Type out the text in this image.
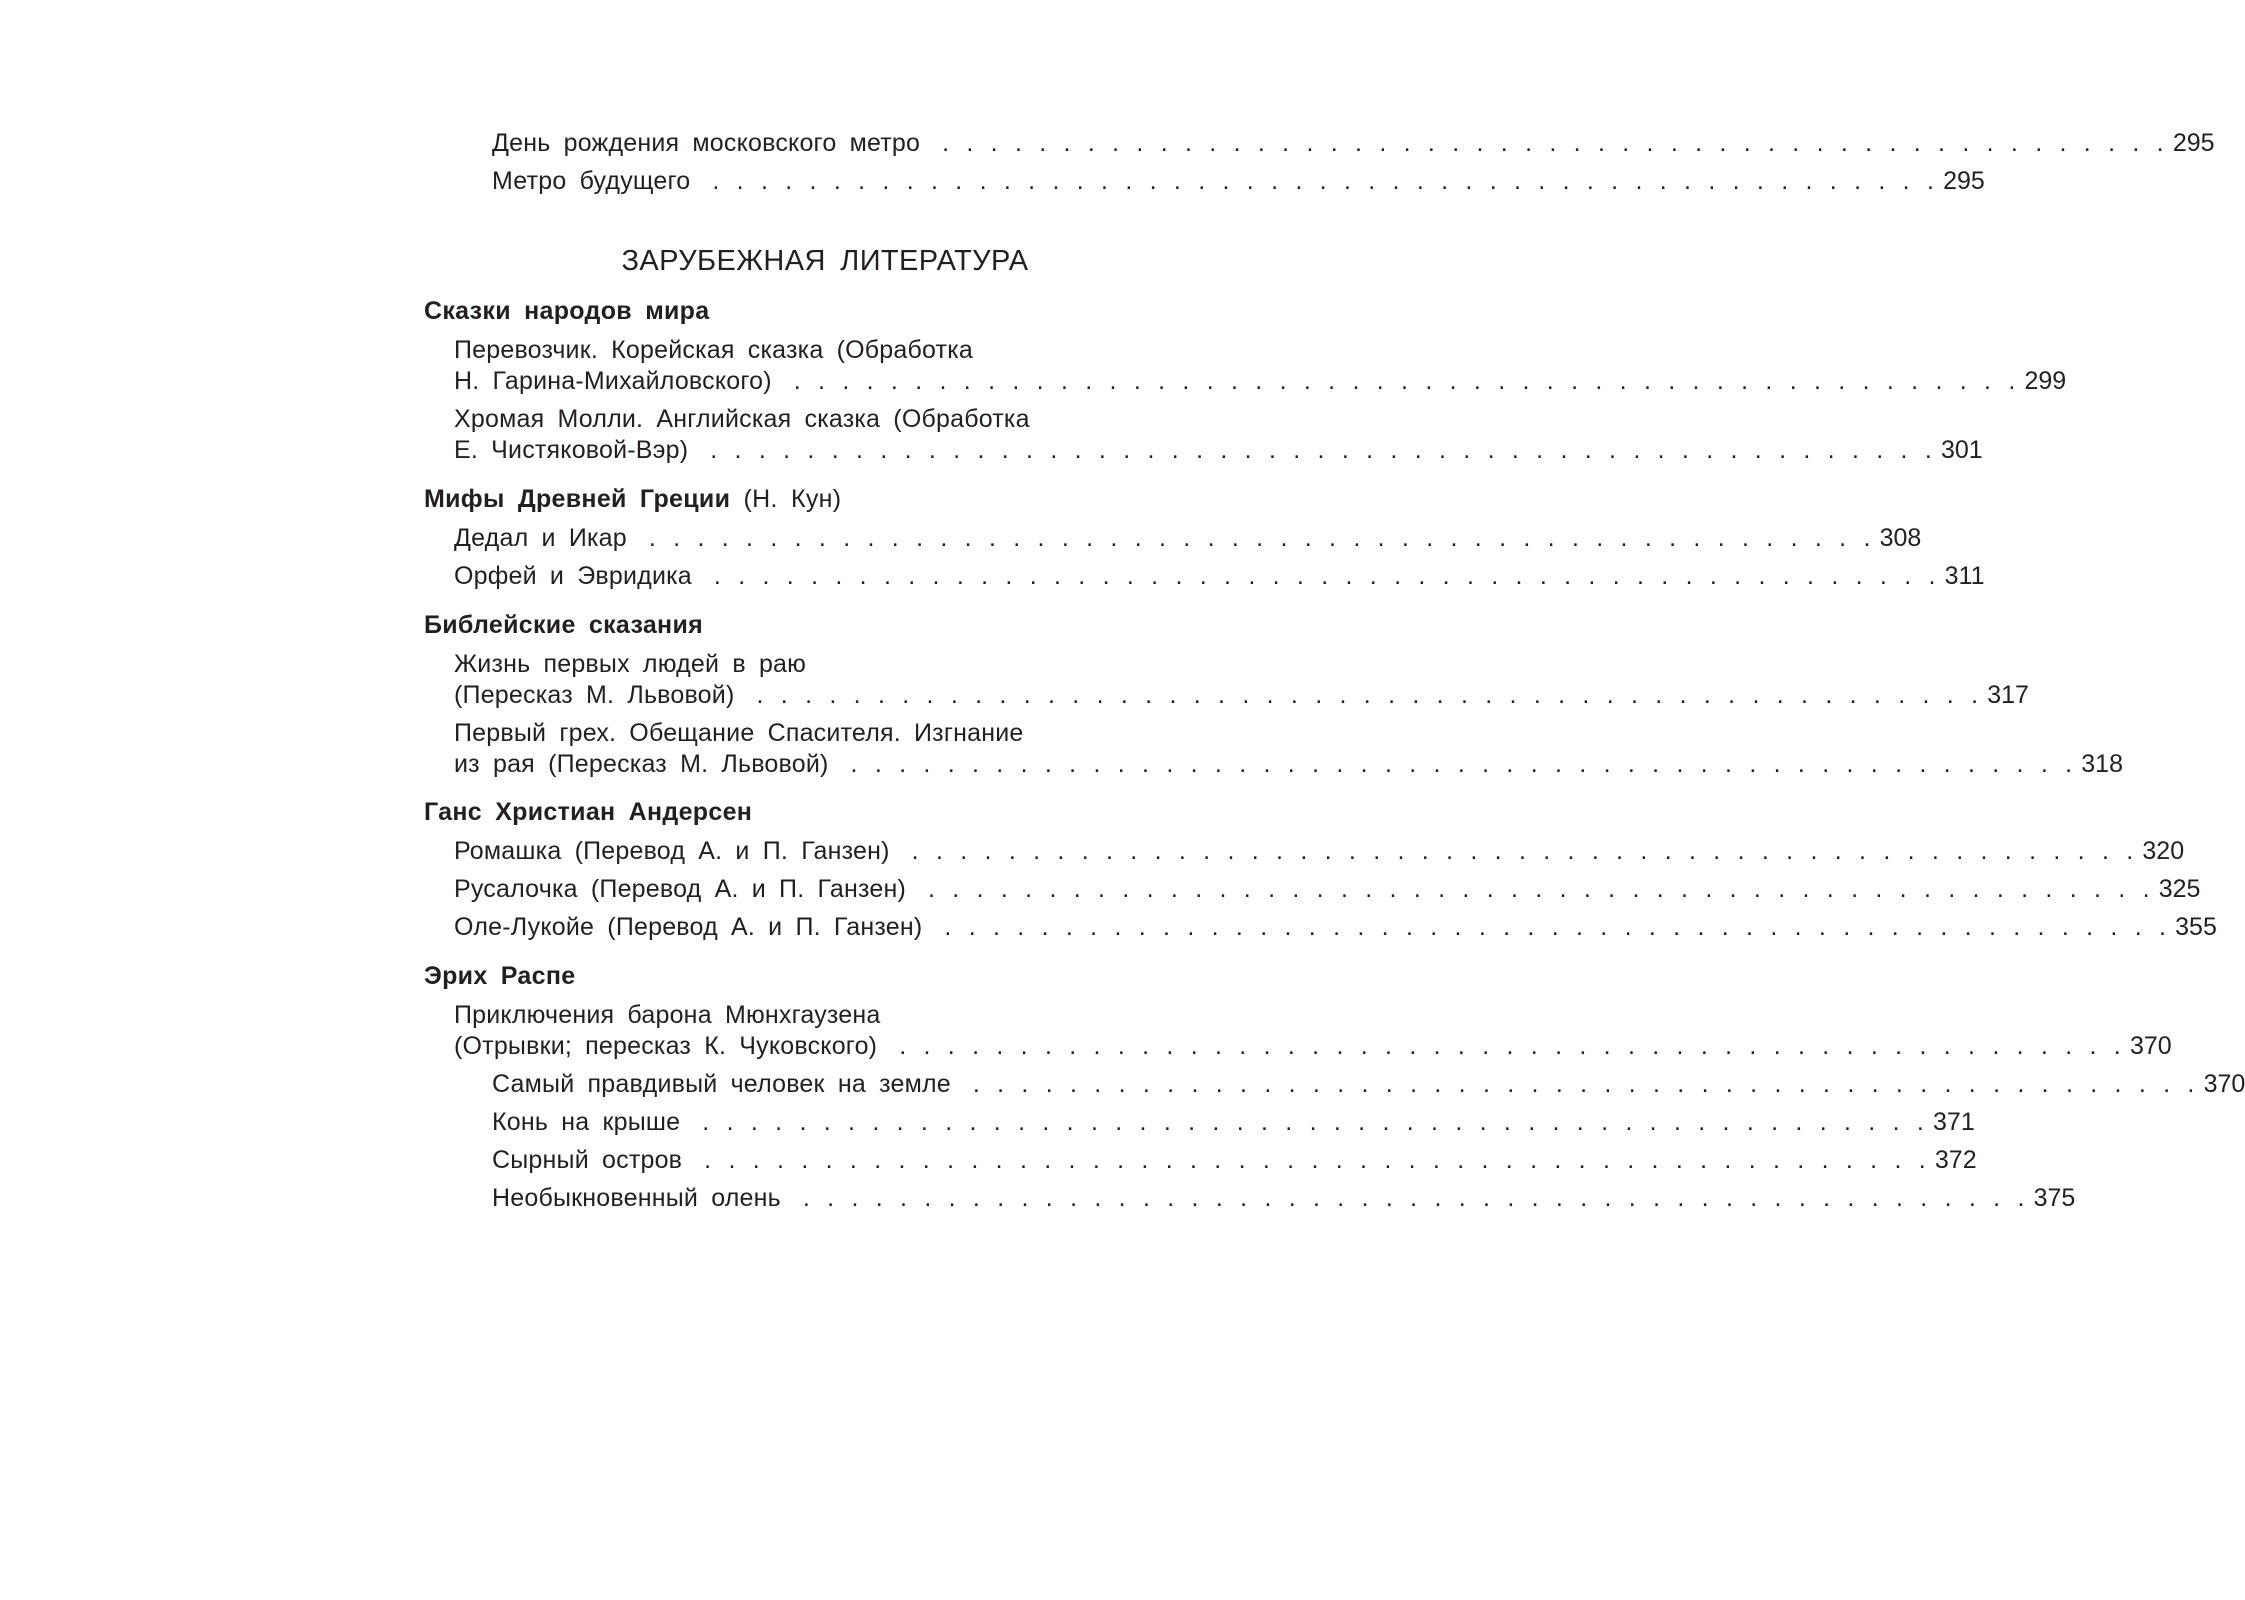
День рождения московского метро . . . . . . . . . . . . . . . . . . . . . . . . . . . . . . . . . . . . . . . . . . . . . . . . . . . 295
Метро будущего . . . . . . . . . . . . . . . . . . . . . . . . . . . . . . . . . . . . . . . . . . . . . . . . . . . 295
ЗАРУБЕЖНАЯ ЛИТЕРАТУРА
Сказки народов мира
Перевозчик. Корейская сказка (Обработка
Н. Гарина-Михайловского) . . . . . . . . . . . . . . . . . . . . . . . . . . . . . . . . . . . . . . . . . . . . . . . . . . . 299
Хромая Молли. Английская сказка (Обработка
Е. Чистяковой-Вэр) . . . . . . . . . . . . . . . . . . . . . . . . . . . . . . . . . . . . . . . . . . . . . . . . . . . 301
Мифы Древней Греции (Н. Кун)
Дедал и Икар . . . . . . . . . . . . . . . . . . . . . . . . . . . . . . . . . . . . . . . . . . . . . . . . . . . 308
Орфей и Эвридика . . . . . . . . . . . . . . . . . . . . . . . . . . . . . . . . . . . . . . . . . . . . . . . . . . . 311
Библейские сказания
Жизнь первых людей в раю
(Пересказ М. Львовой) . . . . . . . . . . . . . . . . . . . . . . . . . . . . . . . . . . . . . . . . . . . . . . . . . . . 317
Первый грех. Обещание Спасителя. Изгнание
из рая (Пересказ М. Львовой) . . . . . . . . . . . . . . . . . . . . . . . . . . . . . . . . . . . . . . . . . . . . . . . . . . . 318
Ганс Христиан Андерсен
Ромашка (Перевод А. и П. Ганзен) . . . . . . . . . . . . . . . . . . . . . . . . . . . . . . . . . . . . . . . . . . . . . . . . . . . 320
Русалочка (Перевод А. и П. Ганзен) . . . . . . . . . . . . . . . . . . . . . . . . . . . . . . . . . . . . . . . . . . . . . . . . . . . 325
Оле-Лукойе (Перевод А. и П. Ганзен) . . . . . . . . . . . . . . . . . . . . . . . . . . . . . . . . . . . . . . . . . . . . . . . . . . . 355
Эрих Распе
Приключения барона Мюнхгаузена
(Отрывки; пересказ К. Чуковского) . . . . . . . . . . . . . . . . . . . . . . . . . . . . . . . . . . . . . . . . . . . . . . . . . . . 370
Самый правдивый человек на земле . . . . . . . . . . . . . . . . . . . . . . . . . . . . . . . . . . . . . . . . . . . . . . . . . . . 370
Конь на крыше . . . . . . . . . . . . . . . . . . . . . . . . . . . . . . . . . . . . . . . . . . . . . . . . . . . 371
Сырный остров . . . . . . . . . . . . . . . . . . . . . . . . . . . . . . . . . . . . . . . . . . . . . . . . . . . 372
Необыкновенный олень . . . . . . . . . . . . . . . . . . . . . . . . . . . . . . . . . . . . . . . . . . . . . . . . . . . 375
